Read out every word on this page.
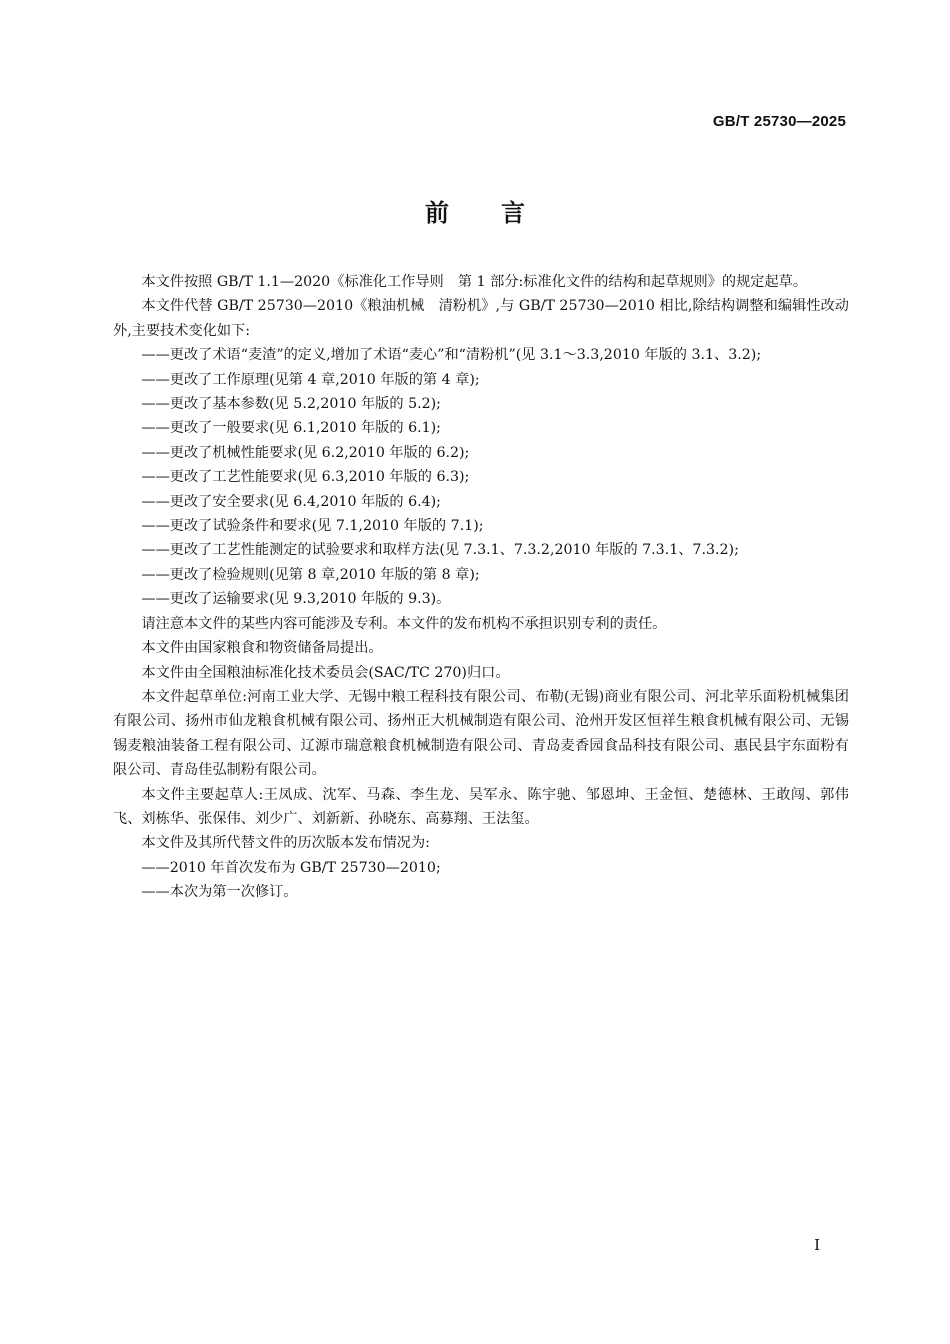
GB/T 25730—2025
前言

本文件按照 GB/T 1.1—2020《标准化工作导则　第 1 部分:标准化文件的结构和起草规则》的规定起草。

本文件代替 GB/T 25730—2010《粮油机械　清粉机》,与 GB/T 25730—2010 相比,除结构调整和编辑性改动外,主要技术变化如下:

——更改了术语“麦渣”的定义,增加了术语“麦心”和“清粉机”(见 3.1～3.3,2010 年版的 3.1、3.2);

——更改了工作原理(见第 4 章,2010 年版的第 4 章);

——更改了基本参数(见 5.2,2010 年版的 5.2);

——更改了一般要求(见 6.1,2010 年版的 6.1);

——更改了机械性能要求(见 6.2,2010 年版的 6.2);

——更改了工艺性能要求(见 6.3,2010 年版的 6.3);

——更改了安全要求(见 6.4,2010 年版的 6.4);

——更改了试验条件和要求(见 7.1,2010 年版的 7.1);

——更改了工艺性能测定的试验要求和取样方法(见 7.3.1、7.3.2,2010 年版的 7.3.1、7.3.2);

——更改了检验规则(见第 8 章,2010 年版的第 8 章);

——更改了运输要求(见 9.3,2010 年版的 9.3)。

请注意本文件的某些内容可能涉及专利。本文件的发布机构不承担识别专利的责任。

本文件由国家粮食和物资储备局提出。

本文件由全国粮油标准化技术委员会(SAC/TC 270)归口。

本文件起草单位:河南工业大学、无锡中粮工程科技有限公司、布勒(无锡)商业有限公司、河北苹乐面粉机械集团有限公司、扬州市仙龙粮食机械有限公司、扬州正大机械制造有限公司、沧州开发区恒祥生粮食机械有限公司、无锡锡麦粮油装备工程有限公司、辽源市瑞意粮食机械制造有限公司、青岛麦香园食品科技有限公司、惠民县宇东面粉有限公司、青岛佳弘制粉有限公司。

本文件主要起草人:王凤成、沈军、马森、李生龙、吴军永、陈宇驰、邹恩坤、王金恒、楚德林、王敢闯、郭伟飞、刘栋华、张保伟、刘少广、刘新新、孙晓东、高募翔、王法玺。

本文件及其所代替文件的历次版本发布情况为:

——2010 年首次发布为 GB/T 25730—2010;

——本次为第一次修订。

I
